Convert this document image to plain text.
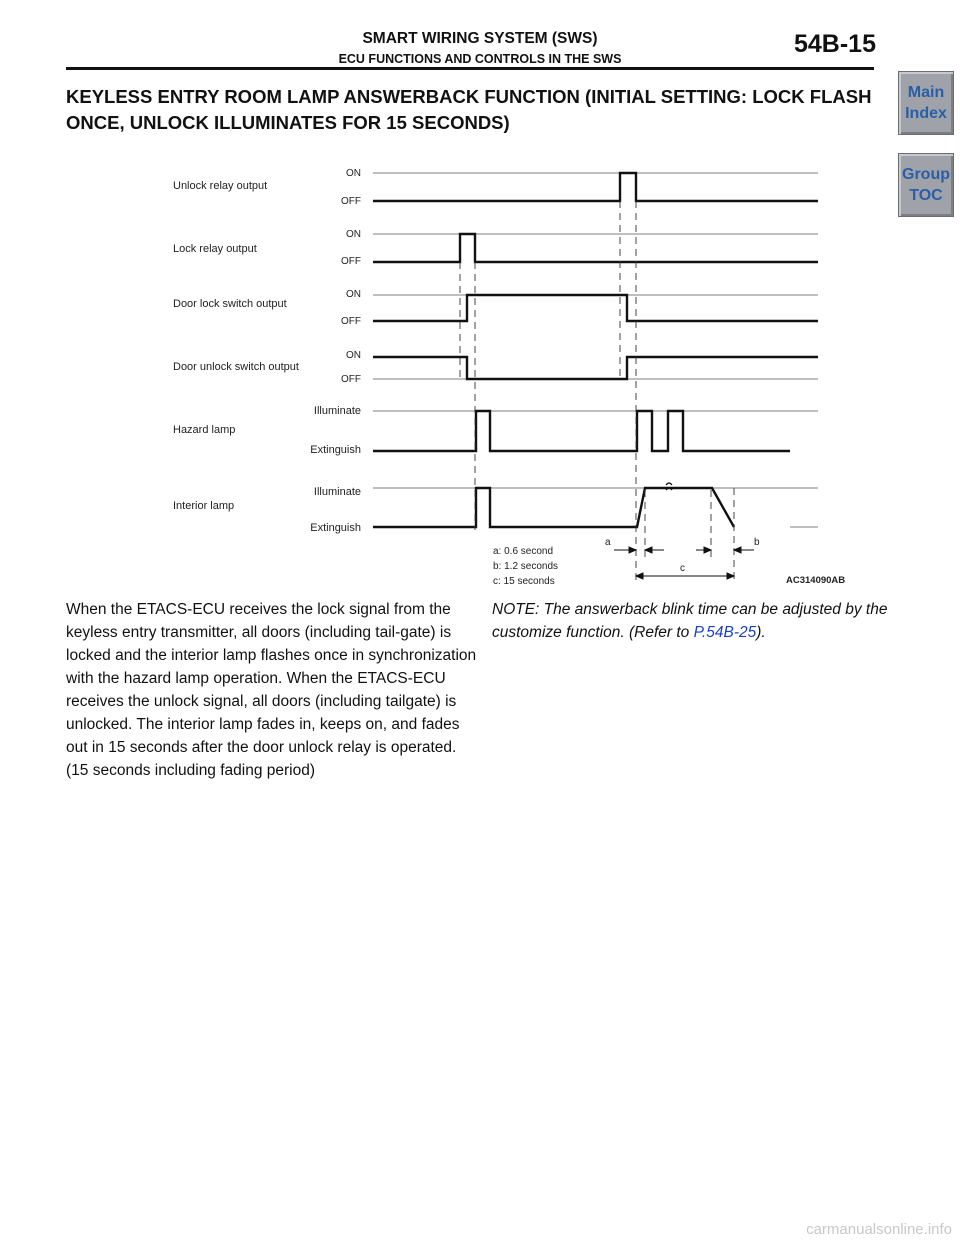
SMART WIRING SYSTEM (SWS)
ECU FUNCTIONS AND CONTROLS IN THE SWS
54B-15
Main
Index
Group
TOC
KEYLESS ENTRY ROOM LAMP ANSWERBACK FUNCTION (INITIAL SETTING: LOCK FLASH ONCE, UNLOCK ILLUMINATES FOR 15 SECONDS)
Unlock relay output
Lock relay output
Door lock switch output
Door unlock switch output
Hazard lamp
Interior lamp
ON
OFF
ON
OFF
ON
OFF
ON
OFF
Illuminate
Extinguish
Illuminate
Extinguish
a	b
c
a: 0.6 second
b: 1.2 seconds
c: 15 seconds	AC314090AB
When the ETACS-ECU receives the lock signal from the keyless entry transmitter, all doors (including tail-gate) is locked and the interior lamp flashes once in synchronization with the hazard lamp operation. When the ETACS-ECU receives the unlock signal, all doors (including tailgate) is unlocked. The interior lamp fades in, keeps on, and fades out in 15 seconds after the door unlock relay is operated. (15 seconds including fading period)
NOTE: The answerback blink time can be adjusted by the customize function. (Refer to P.54B-25).
carmanualsonline.info
